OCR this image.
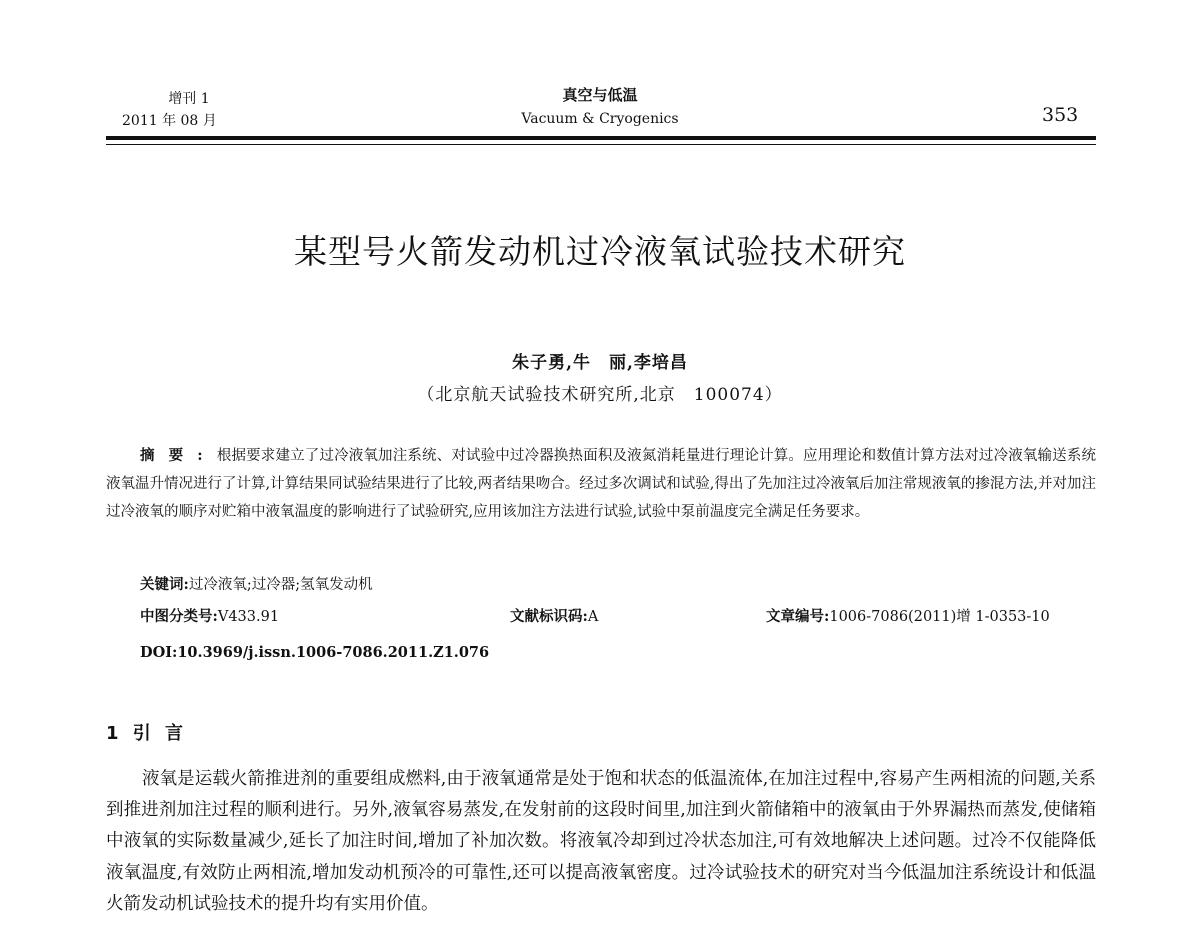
增刊 1
2011 年 08 月
真空与低温
Vacuum & Cryogenics	353
某型号火箭发动机过冷液氧试验技术研究
朱子勇,牛　丽,李培昌
（北京航天试验技术研究所,北京　100074）
摘要:根据要求建立了过冷液氧加注系统、对试验中过冷器换热面积及液氮消耗量进行理论计算。应用理论和数值计算方法对过冷液氧输送系统液氧温升情况进行了计算,计算结果同试验结果进行了比较,两者结果吻合。经过多次调试和试验,得出了先加注过冷液氧后加注常规液氧的掺混方法,并对加注过冷液氧的顺序对贮箱中液氧温度的影响进行了试验研究,应用该加注方法进行试验,试验中泵前温度完全满足任务要求。
关键词:过冷液氧;过冷器;氢氧发动机
中图分类号:V433.91	文献标识码:A	文章编号:1006-7086(2011)增 1-0353-10
DOI:10.3969/j.issn.1006-7086.2011.Z1.076
1 引 言
液氧是运载火箭推进剂的重要组成燃料,由于液氧通常是处于饱和状态的低温流体,在加注过程中,容易产生两相流的问题,关系到推进剂加注过程的顺利进行。另外,液氧容易蒸发,在发射前的这段时间里,加注到火箭储箱中的液氧由于外界漏热而蒸发,使储箱中液氧的实际数量减少,延长了加注时间,增加了补加次数。将液氧冷却到过冷状态加注,可有效地解决上述问题。过冷不仅能降低液氧温度,有效防止两相流,增加发动机预冷的可靠性,还可以提高液氧密度。过冷试验技术的研究对当今低温加注系统设计和低温火箭发动机试验技术的提升均有实用价值。
